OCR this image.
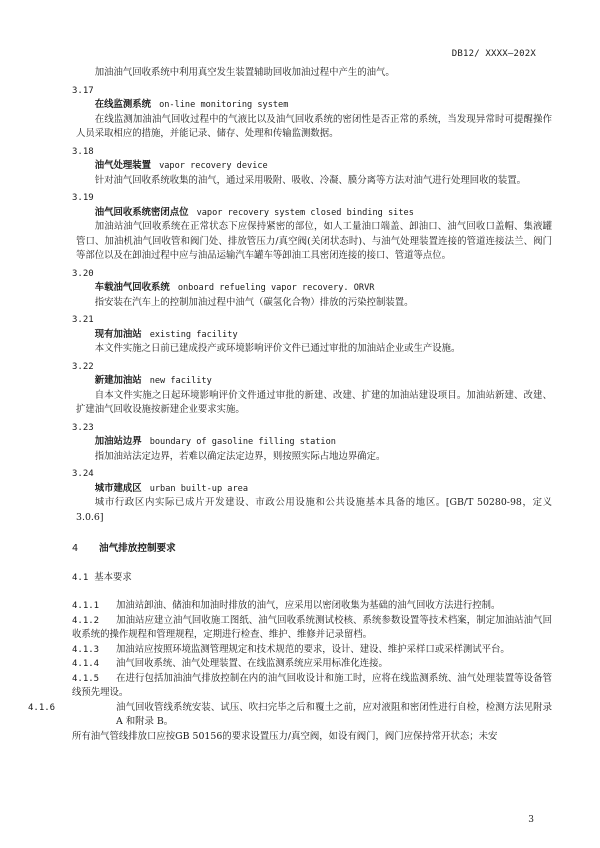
DB12/ XXXX—202X

加油油气回收系统中利用真空发生装置辅助回收加油过程中产生的油气。

3.17

在线监测系统 on-line monitoring system

在线监测加油油气回收过程中的气液比以及油气回收系统的密闭性是否正常的系统，当发现异常时可提醒操作人员采取相应的措施，并能记录、储存、处理和传输监测数据。

3.18

油气处理装置 vapor recovery device

针对油气回收系统收集的油气，通过采用吸附、吸收、冷凝、膜分离等方法对油气进行处理回收的装置。

3.19

油气回收系统密闭点位 vapor recovery system closed binding sites

加油站油气回收系统在正常状态下应保持紧密的部位，如人工量油口端盖、卸油口、油气回收口盖帽、集液罐管口、加油机油气回收管和阀门处、排放管压力/真空阀(关闭状态时)、与油气处理装置连接的管道连接法兰、阀门等部位以及在卸油过程中应与油品运输汽车罐车等卸油工具密闭连接的接口、管道等点位。

3.20

车载油气回收系统 onboard refueling vapor recovery. ORVR

指安装在汽车上的控制加油过程中油气（碳氢化合物）排放的污染控制装置。

3.21

现有加油站 existing facility

本文件实施之日前已建成投产或环境影响评价文件已通过审批的加油站企业或生产设施。

3.22

新建加油站 new facility

自本文件实施之日起环境影响评价文件通过审批的新建、改建、扩建的加油站建设项目。加油站新建、改建、扩建油气回收设施按新建企业要求实施。

3.23

加油站边界 boundary of gasoline filling station

指加油站法定边界，若难以确定法定边界，则按照实际占地边界确定。

3.24

城市建成区 urban built-up area

城市行政区内实际已成片开发建设、市政公用设施和公共设施基本具备的地区。[GB/T 50280-98，定义3.0.6]

4 油气排放控制要求

4.1 基本要求

4.1.1 加油站卸油、储油和加油时排放的油气，应采用以密闭收集为基础的油气回收方法进行控制。

4.1.2 加油站应建立油气回收施工图纸、油气回收系统测试校核、系统参数设置等技术档案，制定加油站油气回收系统的操作规程和管理规程，定期进行检查、维护、维修并记录留档。

4.1.3 加油站应按照环境监测管理规定和技术规范的要求，设计、建设、维护采样口或采样测试平台。

4.1.4 油气回收系统、油气处理装置、在线监测系统应采用标准化连接。

4.1.5 在进行包括加油油气排放控制在内的油气回收设计和施工时，应将在线监测系统、油气处理装置等设备管线预先埋设。

4.1.6	油气回收管线系统安装、试压、吹扫完毕之后和覆土之前，应对液阻和密闭性进行自检，检测方法见附录 A 和附录 B。

所有油气管线排放口应按GB 50156的要求设置压力/真空阀，如设有阀门，阀门应保持常开状态；未安

3
